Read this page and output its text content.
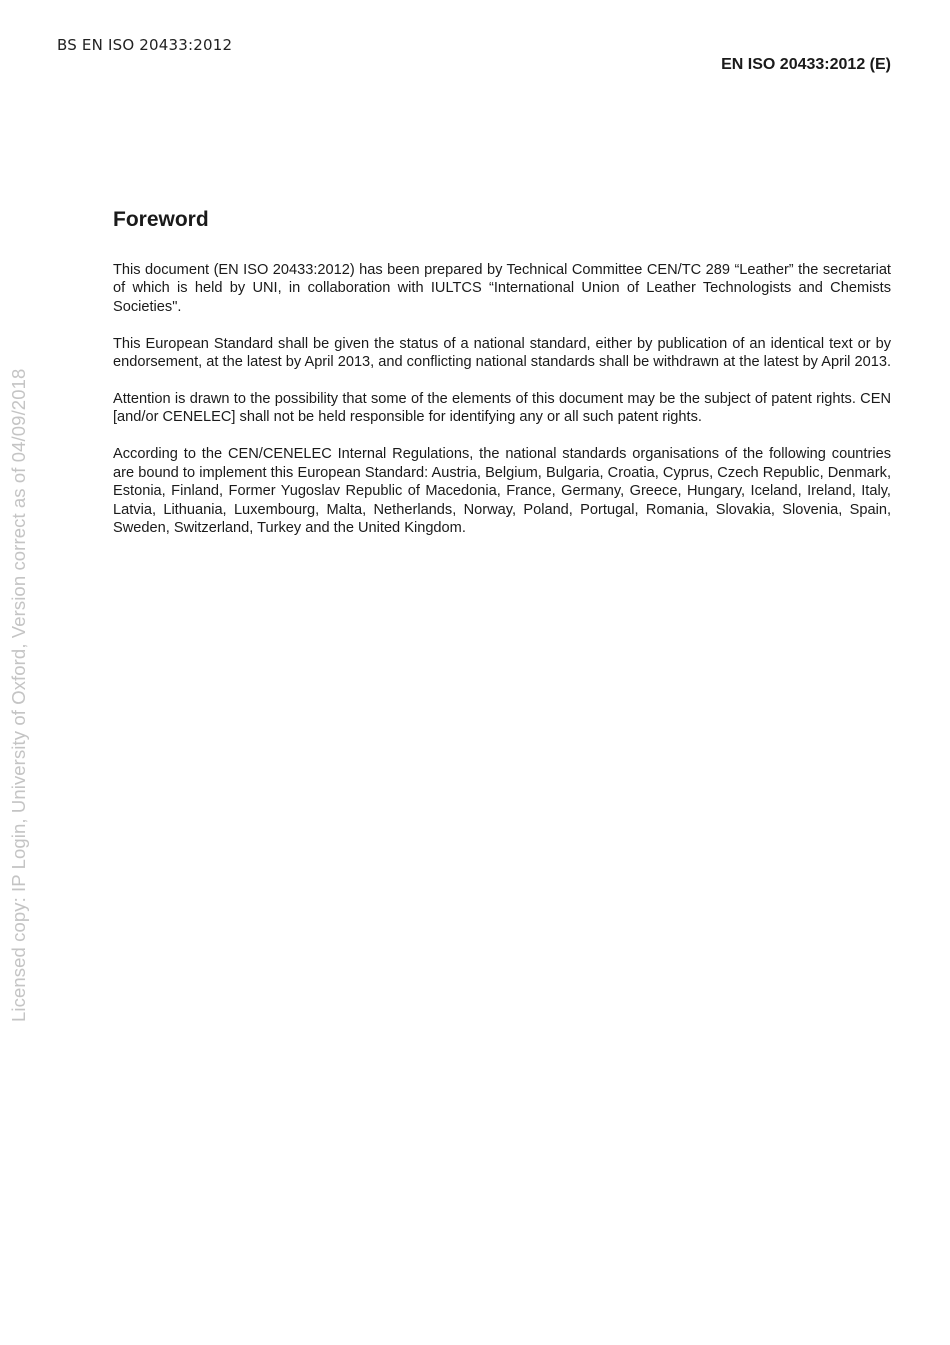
BS EN ISO 20433:2012
EN ISO 20433:2012 (E)
Licensed copy: IP Login, University of Oxford, Version correct as of 04/09/2018
Foreword

This document (EN ISO 20433:2012) has been prepared by Technical Committee CEN/TC 289 “Leather” the secretariat of which is held by UNI, in collaboration with IULTCS “International Union of Leather Technologists and Chemists Societies".

This European Standard shall be given the status of a national standard, either by publication of an identical text or by endorsement, at the latest by April 2013, and conflicting national standards shall be withdrawn at the latest by April 2013.

Attention is drawn to the possibility that some of the elements of this document may be the subject of patent rights. CEN [and/or CENELEC] shall not be held responsible for identifying any or all such patent rights.

According to the CEN/CENELEC Internal Regulations, the national standards organisations of the following countries are bound to implement this European Standard: Austria, Belgium, Bulgaria, Croatia, Cyprus, Czech Republic, Denmark, Estonia, Finland, Former Yugoslav Republic of Macedonia, France, Germany, Greece, Hungary, Iceland, Ireland, Italy, Latvia, Lithuania, Luxembourg, Malta, Netherlands, Norway, Poland, Portugal, Romania, Slovakia, Slovenia, Spain, Sweden, Switzerland, Turkey and the United Kingdom.
